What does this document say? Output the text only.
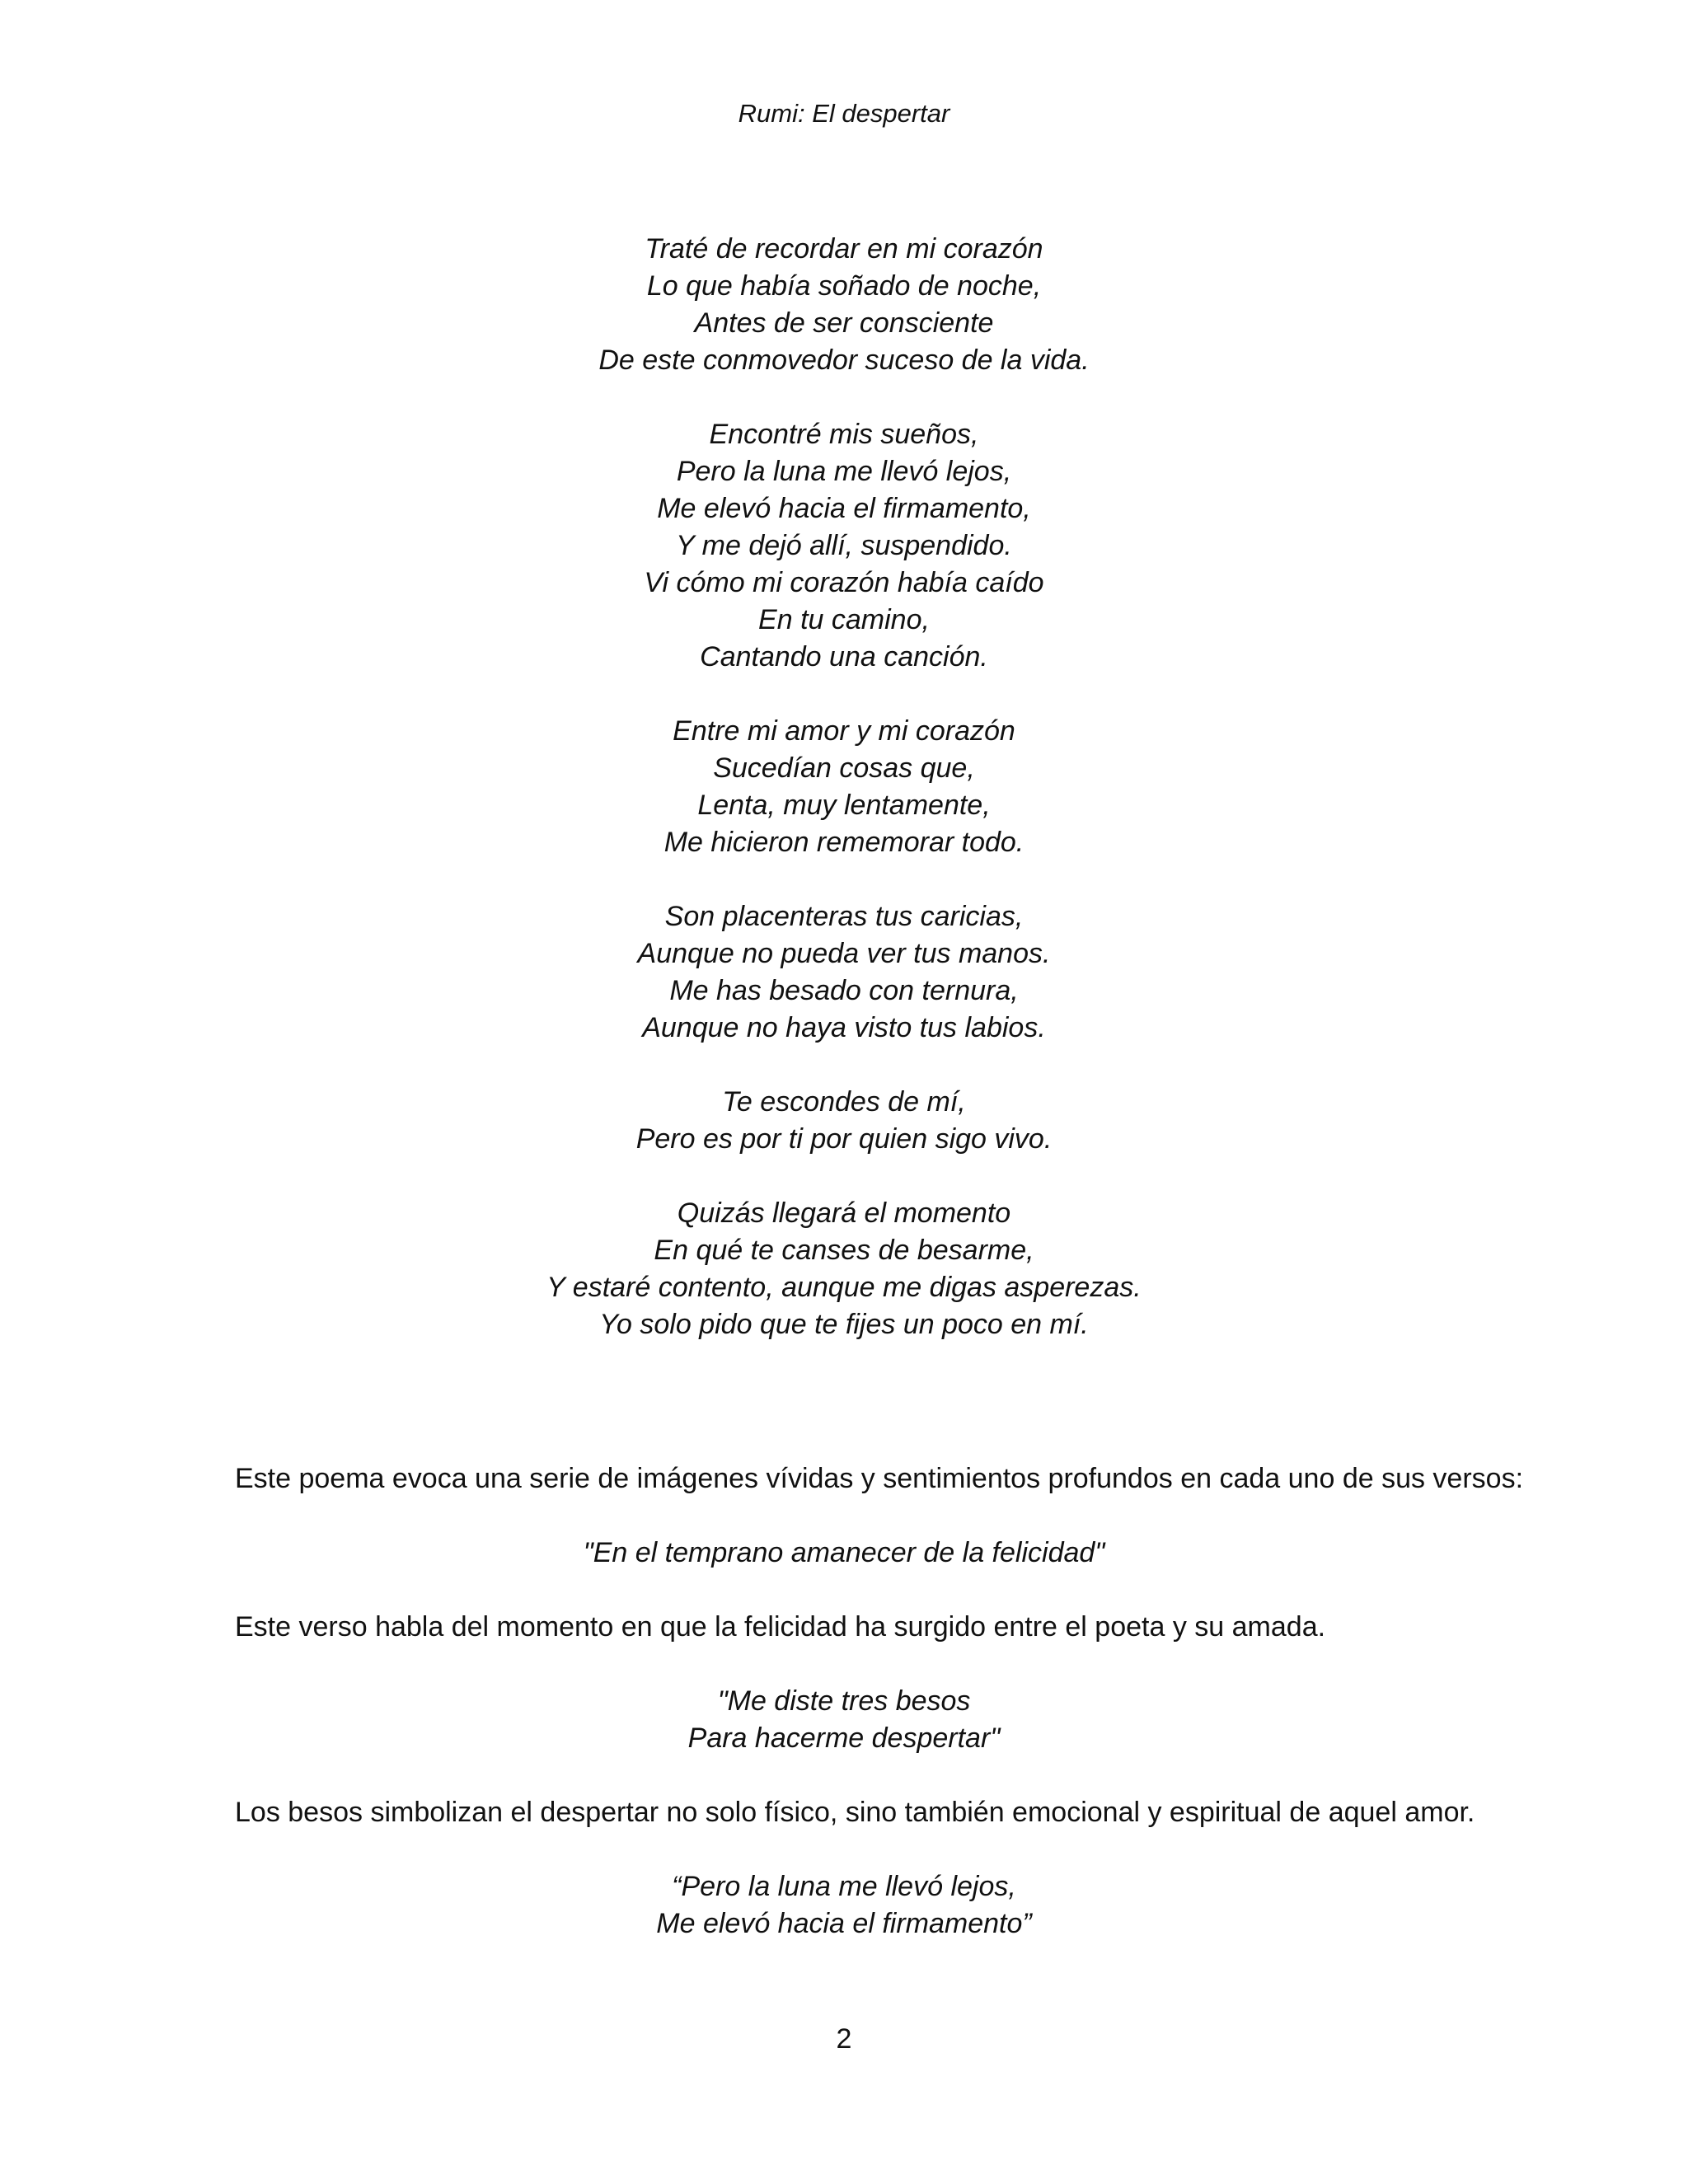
Rumi: El despertar
Traté de recordar en mi corazón
Lo que había soñado de noche,
Antes de ser consciente
De este conmovedor suceso de la vida.
Encontré mis sueños,
Pero la luna me llevó lejos,
Me elevó hacia el firmamento,
Y me dejó allí, suspendido.
Vi cómo mi corazón había caído
En tu camino,
Cantando una canción.
Entre mi amor y mi corazón
Sucedían cosas que,
Lenta, muy lentamente,
Me hicieron rememorar todo.
Son placenteras tus caricias,
Aunque no pueda ver tus manos.
Me has besado con ternura,
Aunque no haya visto tus labios.
Te escondes de mí,
Pero es por ti por quien sigo vivo.
Quizás llegará el momento
En qué te canses de besarme,
Y estaré contento, aunque me digas asperezas.
Yo solo pido que te fijes un poco en mí.

Este poema evoca una serie de imágenes vívidas y sentimientos profundos en cada uno de sus versos:

"En el temprano amanecer de la felicidad"

Este verso habla del momento en que la felicidad ha surgido entre el poeta y su amada.

"Me diste tres besos
Para hacerme despertar"

Los besos simbolizan el despertar no solo físico, sino también emocional y espiritual de aquel amor.

“Pero la luna me llevó lejos,
Me elevó hacia el firmamento”
2
